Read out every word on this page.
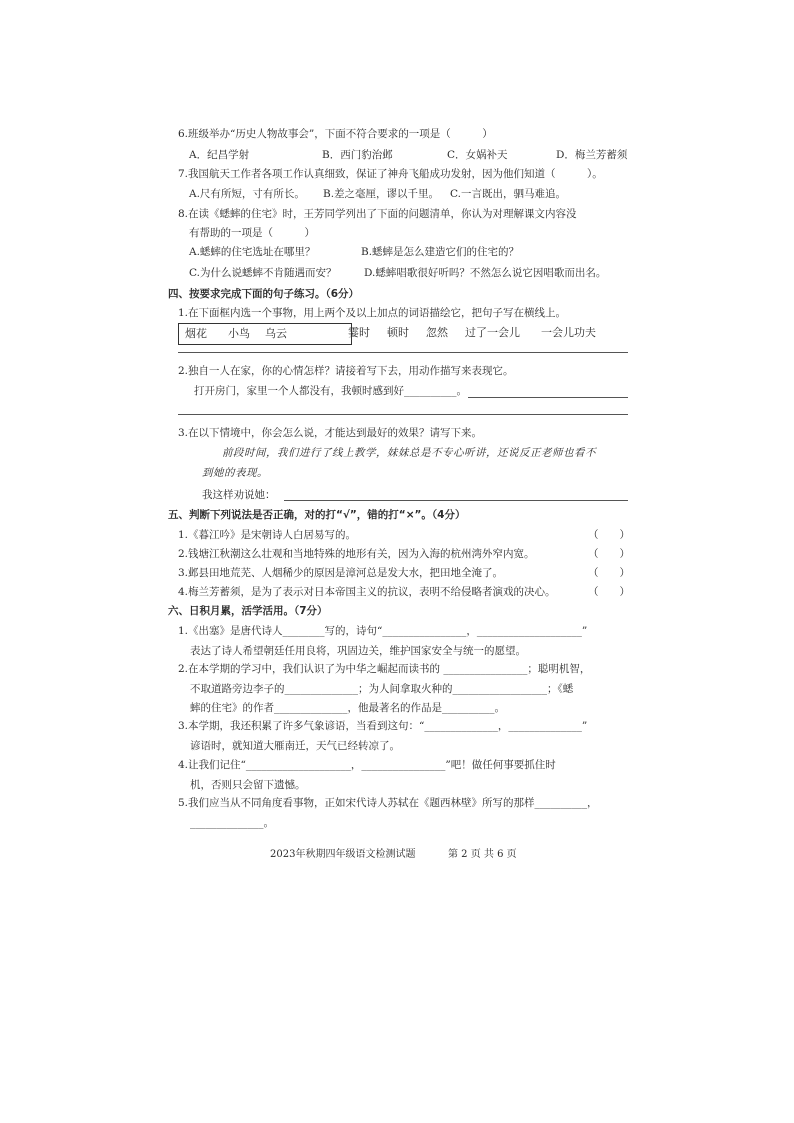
6.班级举办“历史人物故事会”，下面不符合要求的一项是（　　　）
A．纪昌学射	B．西门豹治邺	C．女娲补天	D．梅兰芳蓄须
7.我国航天工作者各项工作认真细致，保证了神舟飞船成功发射，因为他们知道（　　　）。
A.尺有所短，寸有所长。 B.差之毫厘，谬以千里。 C.一言既出，驷马难追。
8.在读《蟋蟀的住宅》时，王芳同学列出了下面的问题清单，你认为对理解课文内容没
有帮助的一项是（　　　）
A.蟋蟀的住宅选址在哪里？	B.蟋蟀是怎么建造它们的住宅的？
C.为什么说蟋蟀不肯随遇而安？	D.蟋蟀唱歌很好听吗？不然怎么说它因唱歌而出名。
四、按要求完成下面的句子练习。（6分）
1.在下面框内选一个事物，用上两个及以上加点的词语描绘它，把句子写在横线上。
烟花 小鸟 乌云	霎时 顿时 忽然 过了一会儿 一会儿功夫
2.独自一人在家，你的心情怎样？请接着写下去，用动作描写来表现它。
打开房门，家里一个人都没有，我顿时感到好__________。
3.在以下情境中，你会怎么说，才能达到最好的效果？请写下来。
前段时间，我们进行了线上教学，妹妹总是不专心听讲，还说反正老师也看不
到她的表现。
我这样劝说她：
五、判断下列说法是否正确，对的打“√”，错的打“×”。（4分）
1.《暮江吟》是宋朝诗人白居易写的。	（　　）
2.钱塘江秋潮这么壮观和当地特殊的地形有关，因为入海的杭州湾外窄内宽。	（　　）
3.邺县田地荒芜、人烟稀少的原因是漳河总是发大水，把田地全淹了。	（　　）
4.梅兰芳蓄须，是为了表示对日本帝国主义的抗议，表明不给侵略者演戏的决心。	（　　）
六、日积月累，活学活用。（7分）
1.《出塞》是唐代诗人________写的，诗句“________________，____________________”
表达了诗人希望朝廷任用良将，巩固边关，维护国家安全与统一的愿望。
2.在本学期的学习中，我们认识了为中华之崛起而读书的 ________________；聪明机智，
不取道路旁边李子的______________；为人间拿取火种的__________________；《蟋
蟀的住宅》的作者______________，他最著名的作品是__________。
3.本学期，我还积累了许多气象谚语，当看到这句：“______________，______________”
谚语时，就知道大雁南迁，天气已经转凉了。
4.让我们记住“____________________，________________”吧！做任何事要抓住时
机，否则只会留下遗憾。
5.我们应当从不同角度看事物，正如宋代诗人苏轼在《题西林壁》所写的那样__________，
______________。
2023年秋期四年级语文检测试题	第 2 页 共 6 页
